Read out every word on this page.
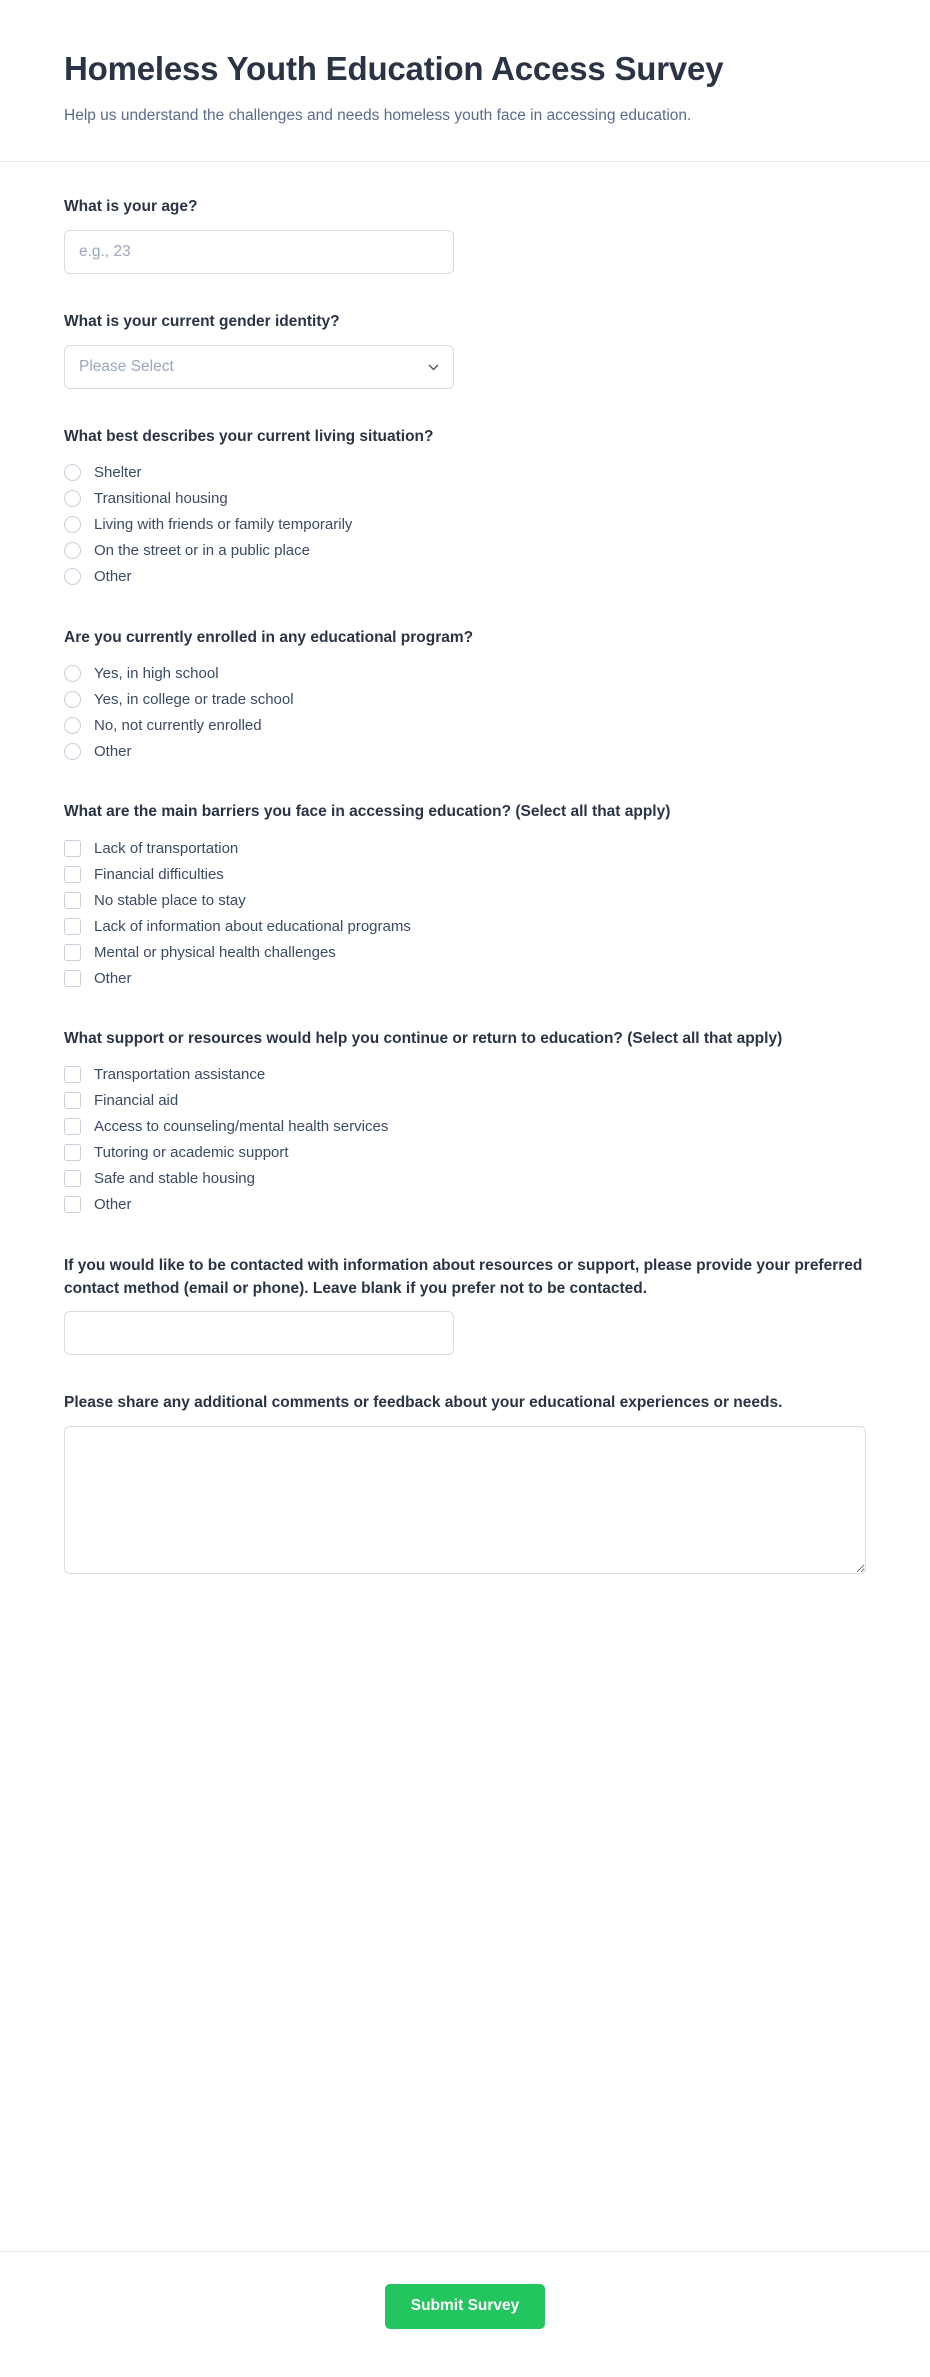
Homeless Youth Education Access Survey

Help us understand the challenges and needs homeless youth face in accessing education.

What is your age?
e.g., 23
What is your current gender identity?
Please Select
What best describes your current living situation?
Shelter
Transitional housing
Living with friends or family temporarily
On the street or in a public place
Other
Are you currently enrolled in any educational program?
Yes, in high school
Yes, in college or trade school
No, not currently enrolled
Other
What are the main barriers you face in accessing education? (Select all that apply)
Lack of transportation
Financial difficulties
No stable place to stay
Lack of information about educational programs
Mental or physical health challenges
Other
What support or resources would help you continue or return to education? (Select all that apply)
Transportation assistance
Financial aid
Access to counseling/mental health services
Tutoring or academic support
Safe and stable housing
Other
If you would like to be contacted with information about resources or support, please provide your preferred contact method (email or phone). Leave blank if you prefer not to be contacted.
Please share any additional comments or feedback about your educational experiences or needs.
Submit Survey
